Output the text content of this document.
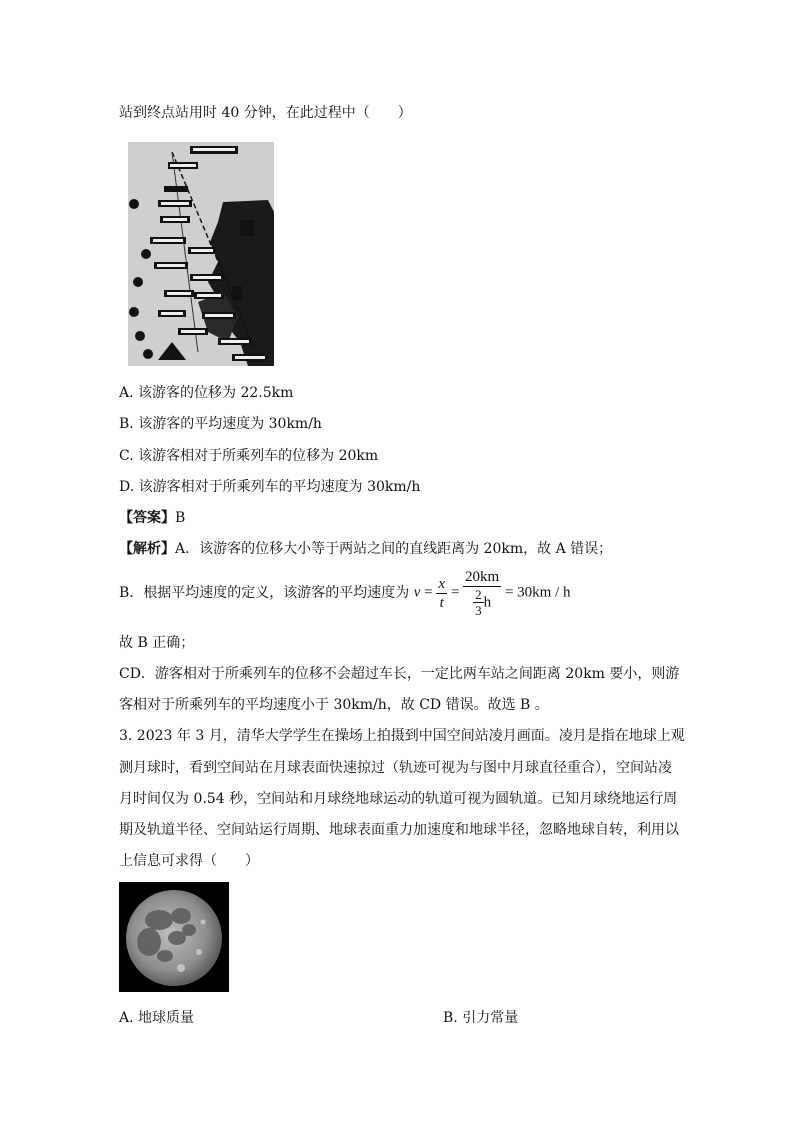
站到终点站用时 40 分钟，在此过程中（　　）
A. 该游客的位移为 22.5km
B. 该游客的平均速度为 30km/h
C. 该游客相对于所乘列车的位移为 20km
D. 该游客相对于所乘列车的平均速度为 30km/h
【答案】B
【解析】A．该游客的位移大小等于两站之间的直线距离为 20km，故 A 错误；
B．根据平均速度的定义，该游客的平均速度为 $v = \frac{x}{t} = \frac{20km}{\frac{2}{3} h} = 30km / h$
故 B 正确；
CD．游客相对于所乘列车的位移不会超过车长，一定比两车站之间距离 20km 要小，则游
客相对于所乘列车的平均速度小于 30km/h，故 CD 错误。故选 B 。
3. 2023 年 3 月，清华大学学生在操场上拍摄到中国空间站凌月画面。凌月是指在地球上观
测月球时，看到空间站在月球表面快速掠过（轨迹可视为与图中月球直径重合），空间站凌
月时间仅为 0.54 秒，空间站和月球绕地球运动的轨道可视为圆轨道。已知月球绕地运行周
期及轨道半径、空间站运行周期、地球表面重力加速度和地球半径，忽略地球自转，利用以
上信息可求得（　　）
A. 地球质量	B. 引力常量
